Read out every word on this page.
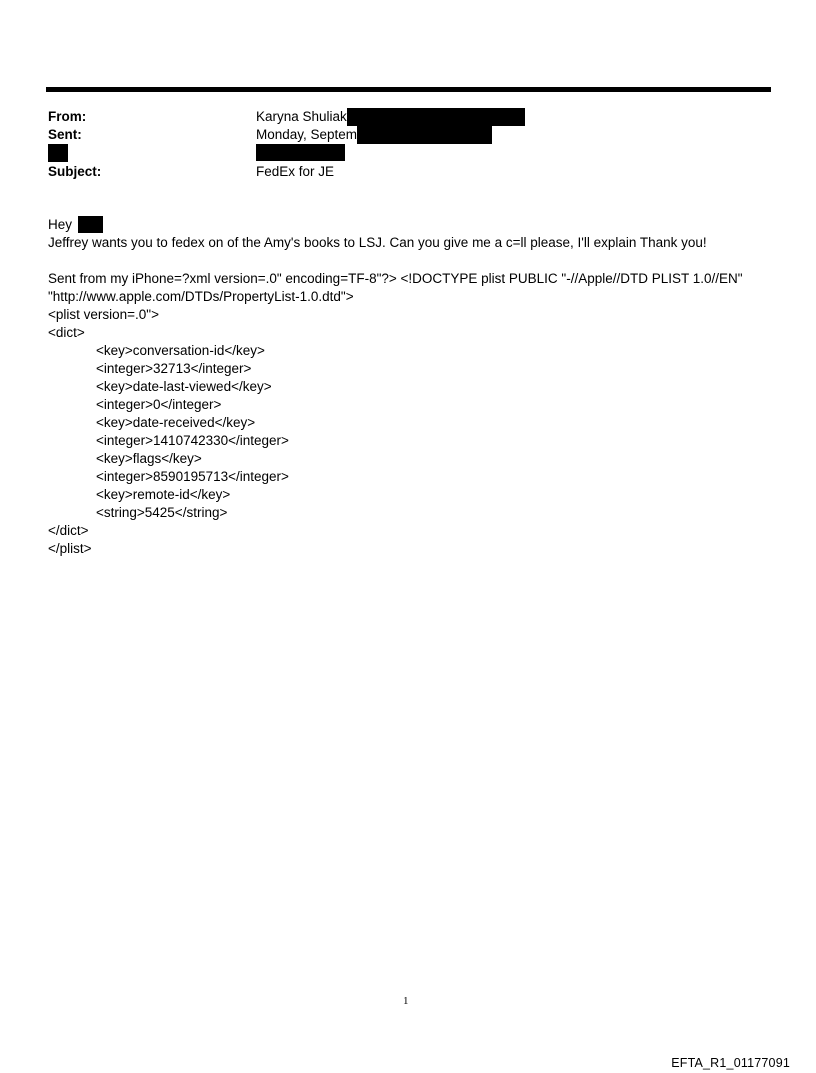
From:	Karyna Shuliak
Sent:	Monday, Septem
Subject:	FedEx for JE
Hey
Jeffrey wants you to fedex on of the Amy's books to LSJ. Can you give me a c=ll please, I'll explain Thank you!
Sent from my iPhone=?xml version=.0" encoding=TF-8"?> <!DOCTYPE plist PUBLIC "-//Apple//DTD PLIST 1.0//EN"
"http://www.apple.com/DTDs/PropertyList-1.0.dtd">
<plist version=.0">
<dict>
<key>conversation-id</key>
<integer>32713</integer>
<key>date-last-viewed</key>
<integer>0</integer>
<key>date-received</key>
<integer>1410742330</integer>
<key>flags</key>
<integer>8590195713</integer>
<key>remote-id</key>
<string>5425</string>
</dict>
</plist>
1
EFTA_R1_01177091
